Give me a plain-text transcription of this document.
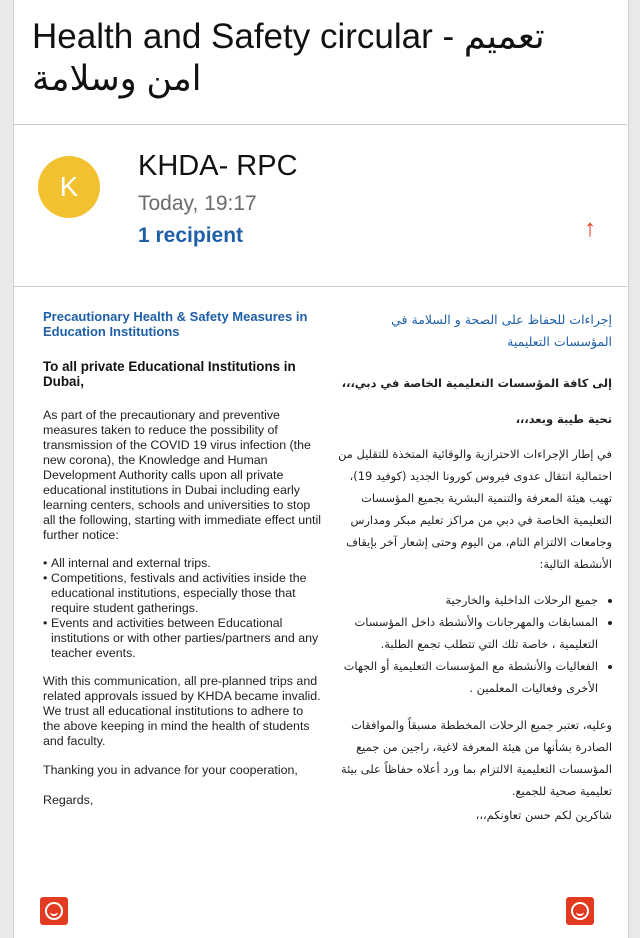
Health and Safety circular - تعميم امن وسلامة
K
KHDA- RPC
Today, 19:17
1 recipient	↑
Precautionary Health & Safety Measures in Education Institutions
To all private Educational Institutions in Dubai,
As part of the precautionary and preventive measures taken to reduce the possibility of transmission of the COVID 19 virus infection (the new corona), the Knowledge and Human Development Authority calls upon all private educational institutions in Dubai including early learning centers, schools and universities to stop all the following, starting with immediate effect until further notice:
• All internal and external trips.
• Competitions, festivals and activities inside the educational institutions, especially those that require student gatherings.
• Events and activities between Educational institutions or with other parties/partners and any teacher events.
With this communication, all pre-planned trips and related approvals issued by KHDA became invalid. We trust all educational institutions to adhere to the above keeping in mind the health of students and faculty.
Thanking you in advance for your cooperation,
Regards,
إجراءات للحفاظ على الصحة و السلامة في المؤسسات التعليمية
إلى كافة المؤسسات التعليمية الخاصة في دبي،،،
تحية طيبة وبعد،،،
في إطار الإجراءات الاحترازية والوقائية المتخذة للتقليل من احتمالية انتقال عدوى فيروس كورونا الجديد (كوفيد 19)، تهيب هيئة المعرفة والتنمية البشرية بجميع المؤسسات التعليمية الخاصة في دبي من مراكز تعليم مبكر ومدارس وجامعات الالتزام التام، من اليوم وحتى إشعار آخر بإيقاف الأنشطة التالية:
• جميع الرحلات الداخلية والخارجية
• المسابقات والمهرجانات والأنشطة داخل المؤسسات التعليمية ، خاصة تلك التي تتطلب تجمع الطلبة.
• الفعاليات والأنشطة مع المؤسسات التعليمية أو الجهات الأخرى وفعاليات المعلمين .
وعليه، تعتبر جميع الرحلات المخططة مسبقاً والموافقات الصادرة بشأنها من هيئة المعرفة لاغية، راجين من جميع المؤسسات التعليمية الالتزام بما ورد أعلاه حفاظاً على بيئة تعليمية صحية للجميع.
شاكرين لكم حسن تعاونكم،،،
